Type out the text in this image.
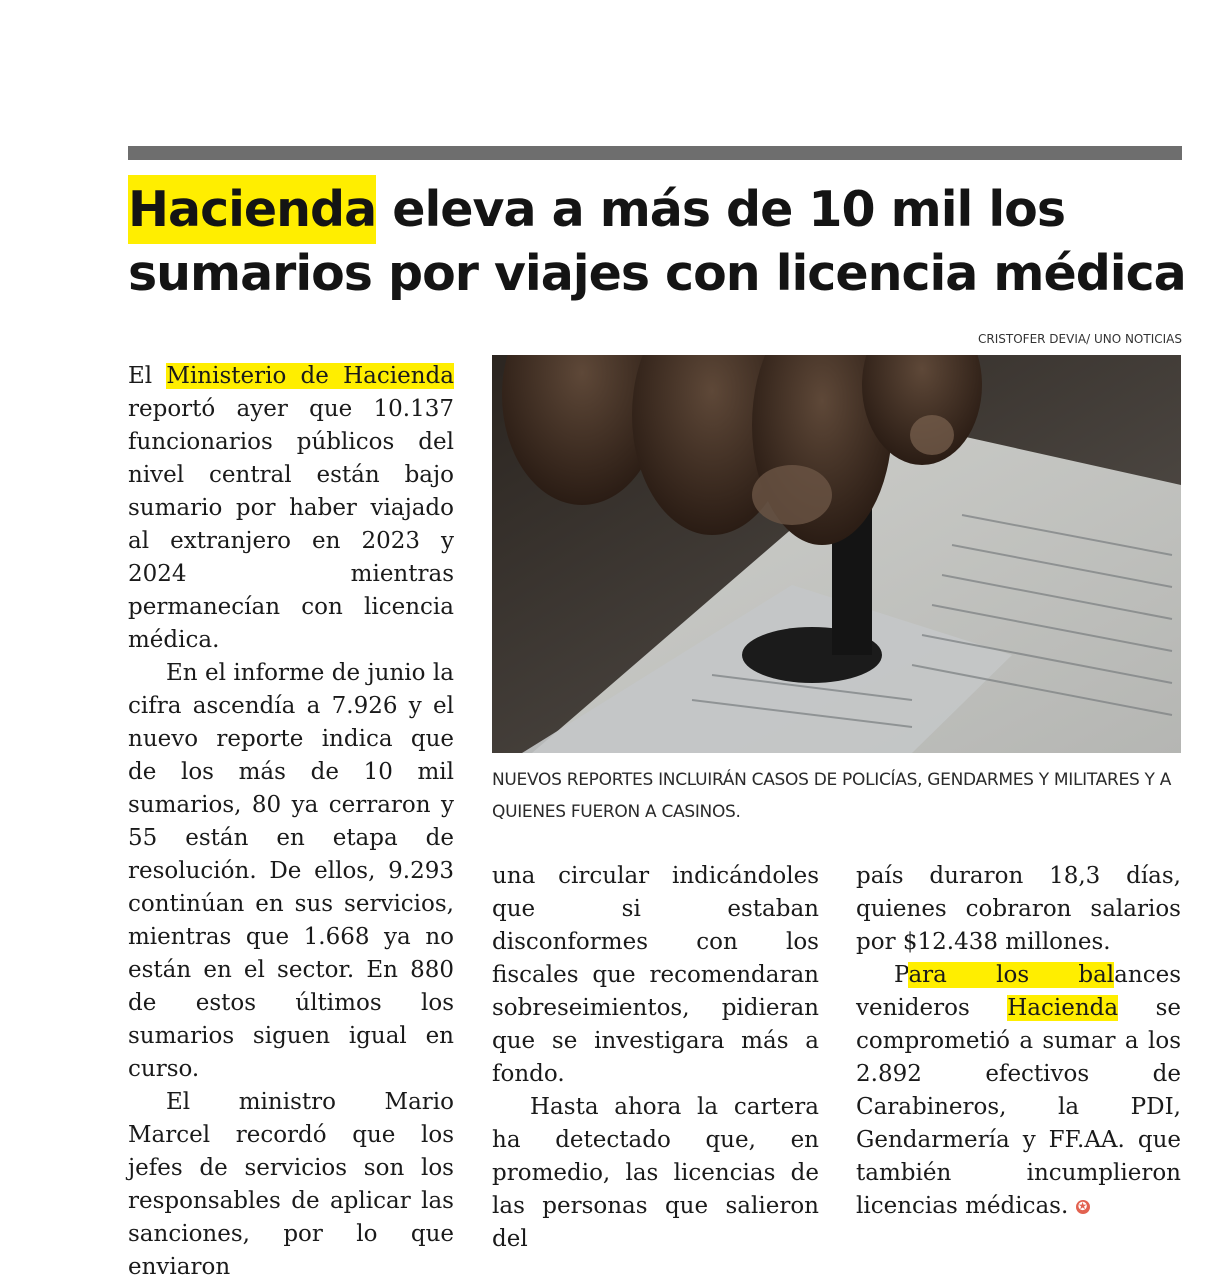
Hacienda eleva a más de 10 mil los sumarios por viajes con licencia médica
CRISTOFER DEVIA/ UNO NOTICIAS
NUEVOS REPORTES INCLUIRÁN CASOS DE POLICÍAS, GENDARMES Y MILITARES Y A QUIENES FUERON A CASINOS.

El Ministerio de Hacienda reportó ayer que 10.137 funcionarios públicos del nivel central están bajo sumario por haber viajado al extranjero en 2023 y 2024 mientras permanecían con licencia médica.

En el informe de junio la cifra ascendía a 7.926 y el nuevo reporte indica que de los más de 10 mil sumarios, 80 ya cerraron y 55 están en etapa de resolución. De ellos, 9.293 continúan en sus servicios, mientras que 1.668 ya no están en el sector. En 880 de estos últimos los sumarios siguen igual en curso.

El ministro Mario Marcel recordó que los jefes de servicios son los responsables de aplicar las sanciones, por lo que enviaron

una circular indicándoles que si estaban disconformes con los fiscales que recomendaran sobreseimientos, pidieran que se investigara más a fondo.

Hasta ahora la cartera ha detectado que, en promedio, las licencias de las personas que salieron del

país duraron 18,3 días, quienes cobraron salarios por $12.438 millones.

Para los balances venideros Hacienda se comprometió a sumar a los 2.892 efectivos de Carabineros, la PDI, Gendarmería y FF.AA. que también incumplieron licencias médicas. ✪
